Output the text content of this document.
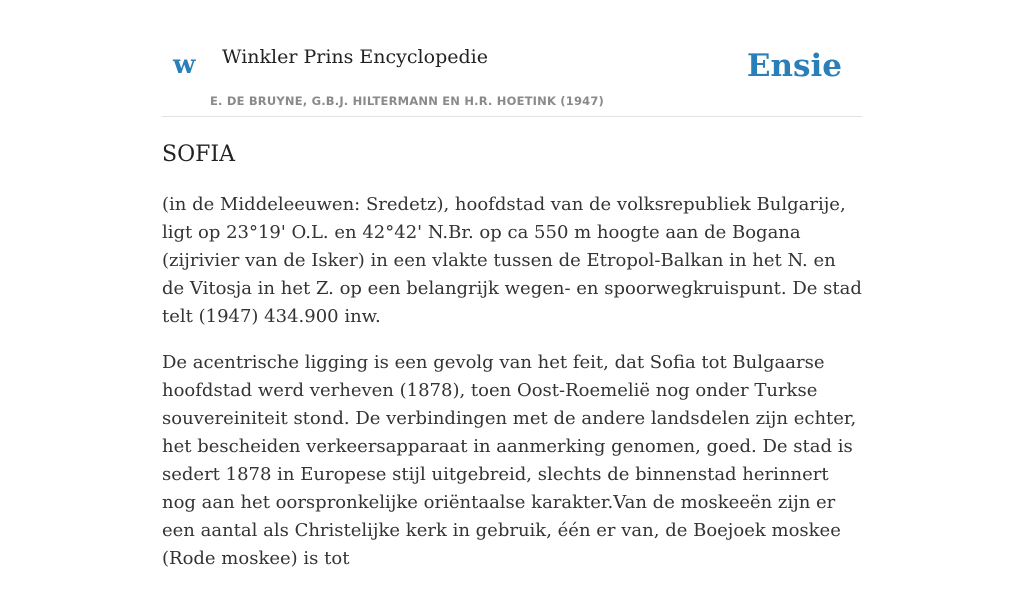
w Winkler Prins Encyclopedie
E. DE BRUYNE, G.B.J. HILTERMANN EN H.R. HOETINK (1947)
Ensie
SOFIA

(in de Middeleeuwen: Sredetz), hoofdstad van de volksrepubliek Bulgarije, ligt op 23°19' O.L. en 42°42' N.Br. op ca 550 m hoogte aan de Bogana (zijrivier van de Isker) in een vlakte tussen de Etropol-Balkan in het N. en de Vitosja in het Z. op een belangrijk wegen- en spoorwegkruispunt. De stad telt (1947) 434.900 inw.

De acentrische ligging is een gevolg van het feit, dat Sofia tot Bulgaarse hoofdstad werd verheven (1878), toen Oost-Roemelië nog onder Turkse souvereiniteit stond. De verbindingen met de andere landsdelen zijn echter, het bescheiden verkeersapparaat in aanmerking genomen, goed. De stad is sedert 1878 in Europese stijl uitgebreid, slechts de binnenstad herinnert nog aan het oorspronkelijke oriëntaalse karakter.Van de moskeeën zijn er een aantal als Christelijke kerk in gebruik, één er van, de Boejoek moskee (Rode moskee) is tot
